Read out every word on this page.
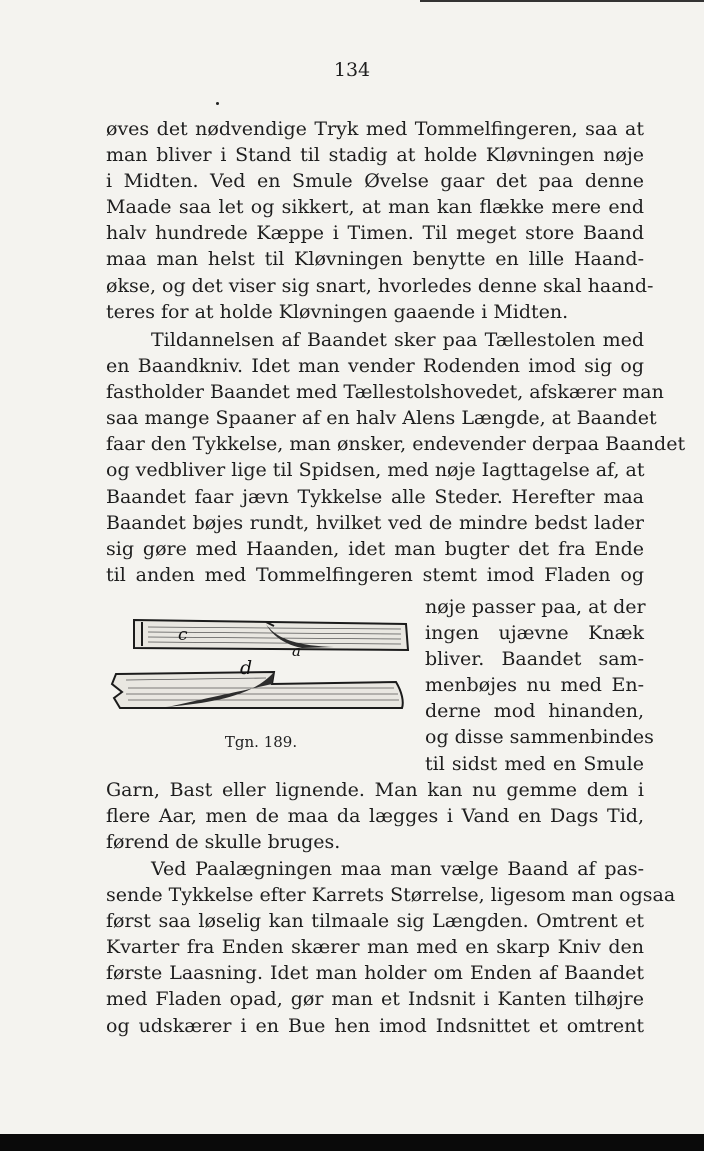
134
øves det nødvendige Tryk med Tommelfingeren, saa at
man bliver i Stand til stadig at holde Kløvningen nøje
i Midten. Ved en Smule Øvelse gaar det paa denne
Maade saa let og sikkert, at man kan flække mere end
halv hundrede Kæppe i Timen. Til meget store Baand
maa man helst til Kløvningen benytte en lille Haand-
økse, og det viser sig snart, hvorledes denne skal haand-
teres for at holde Kløvningen gaaende i Midten.
Tildannelsen af Baandet sker paa Tællestolen med
en Baandkniv. Idet man vender Rodenden imod sig og
fastholder Baandet med Tællestolshovedet, afskærer man
saa mange Spaaner af en halv Alens Længde, at Baandet
faar den Tykkelse, man ønsker, endevender derpaa Baandet
og vedbliver lige til Spidsen, med nøje Iagttagelse af, at
Baandet faar jævn Tykkelse alle Steder. Herefter maa
Baandet bøjes rundt, hvilket ved de mindre bedst lader
sig gøre med Haanden, idet man bugter det fra Ende
til anden med Tommelfingeren stemt imod Fladen og
nøje passer paa, at der
ingen ujævne Knæk
bliver. Baandet sam-
menbøjes nu med En-
derne mod hinanden,
og disse sammenbindes
til sidst med en Smule
c
a
d
Tgn. 189.
Garn, Bast eller lignende. Man kan nu gemme dem i
flere Aar, men de maa da lægges i Vand en Dags Tid,
førend de skulle bruges.
Ved Paalægningen maa man vælge Baand af pas-
sende Tykkelse efter Karrets Størrelse, ligesom man ogsaa
først saa løselig kan tilmaale sig Længden. Omtrent et
Kvarter fra Enden skærer man med en skarp Kniv den
første Laasning. Idet man holder om Enden af Baandet
med Fladen opad, gør man et Indsnit i Kanten tilhøjre
og udskærer i en Bue hen imod Indsnittet et omtrent
